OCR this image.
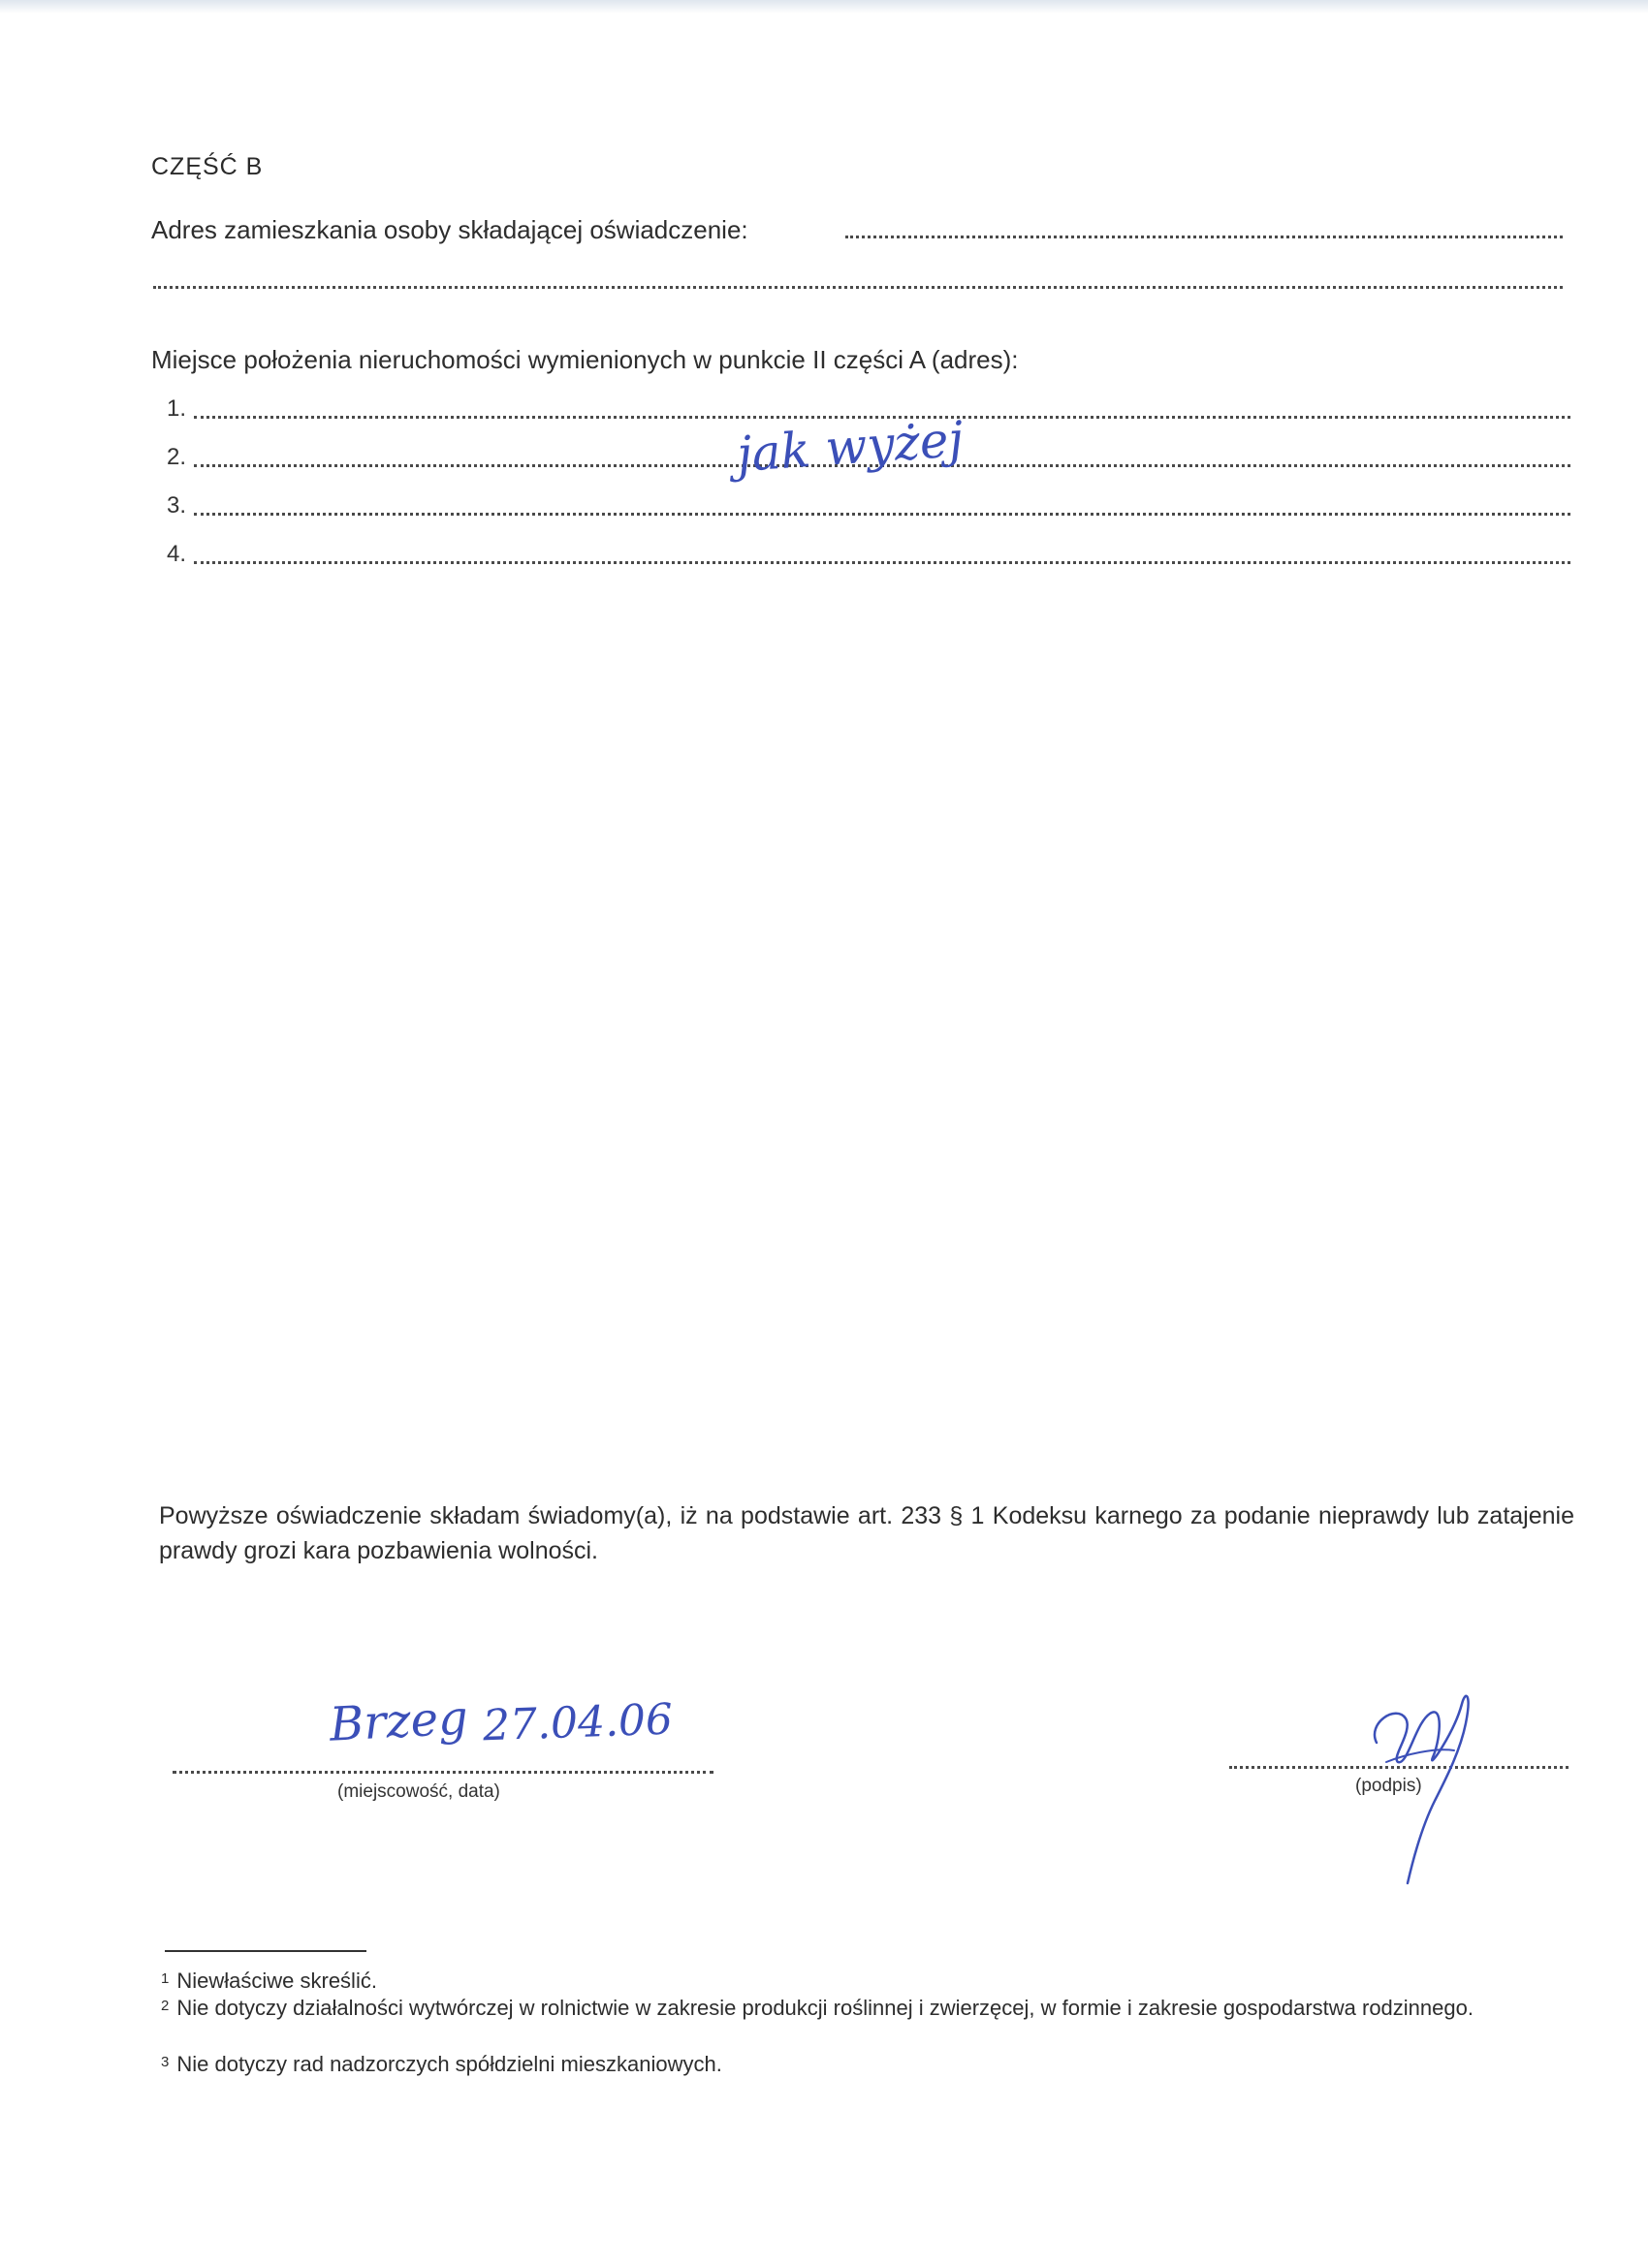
CZĘŚĆ B
Adres zamieszkania osoby składającej oświadczenie:
Miejsce położenia nieruchomości wymienionych w punkcie II części A (adres):
1.
2.	jak wyżej
3.
4.
Powyższe oświadczenie składam świadomy(a), iż na podstawie art. 233 § 1 Kodeksu karnego za podanie nieprawdy lub zatajenie prawdy grozi kara pozbawienia wolności.
Brzeg 27.04.06
(miejscowość, data)	(podpis)
$^1$ Niewłaściwe skreślić.
$^2$ Nie dotyczy działalności wytwórczej w rolnictwie w zakresie produkcji roślinnej i zwierzęcej, w formie i zakresie gospodarstwa rodzinnego.
$^3$ Nie dotyczy rad nadzorczych spółdzielni mieszkaniowych.
